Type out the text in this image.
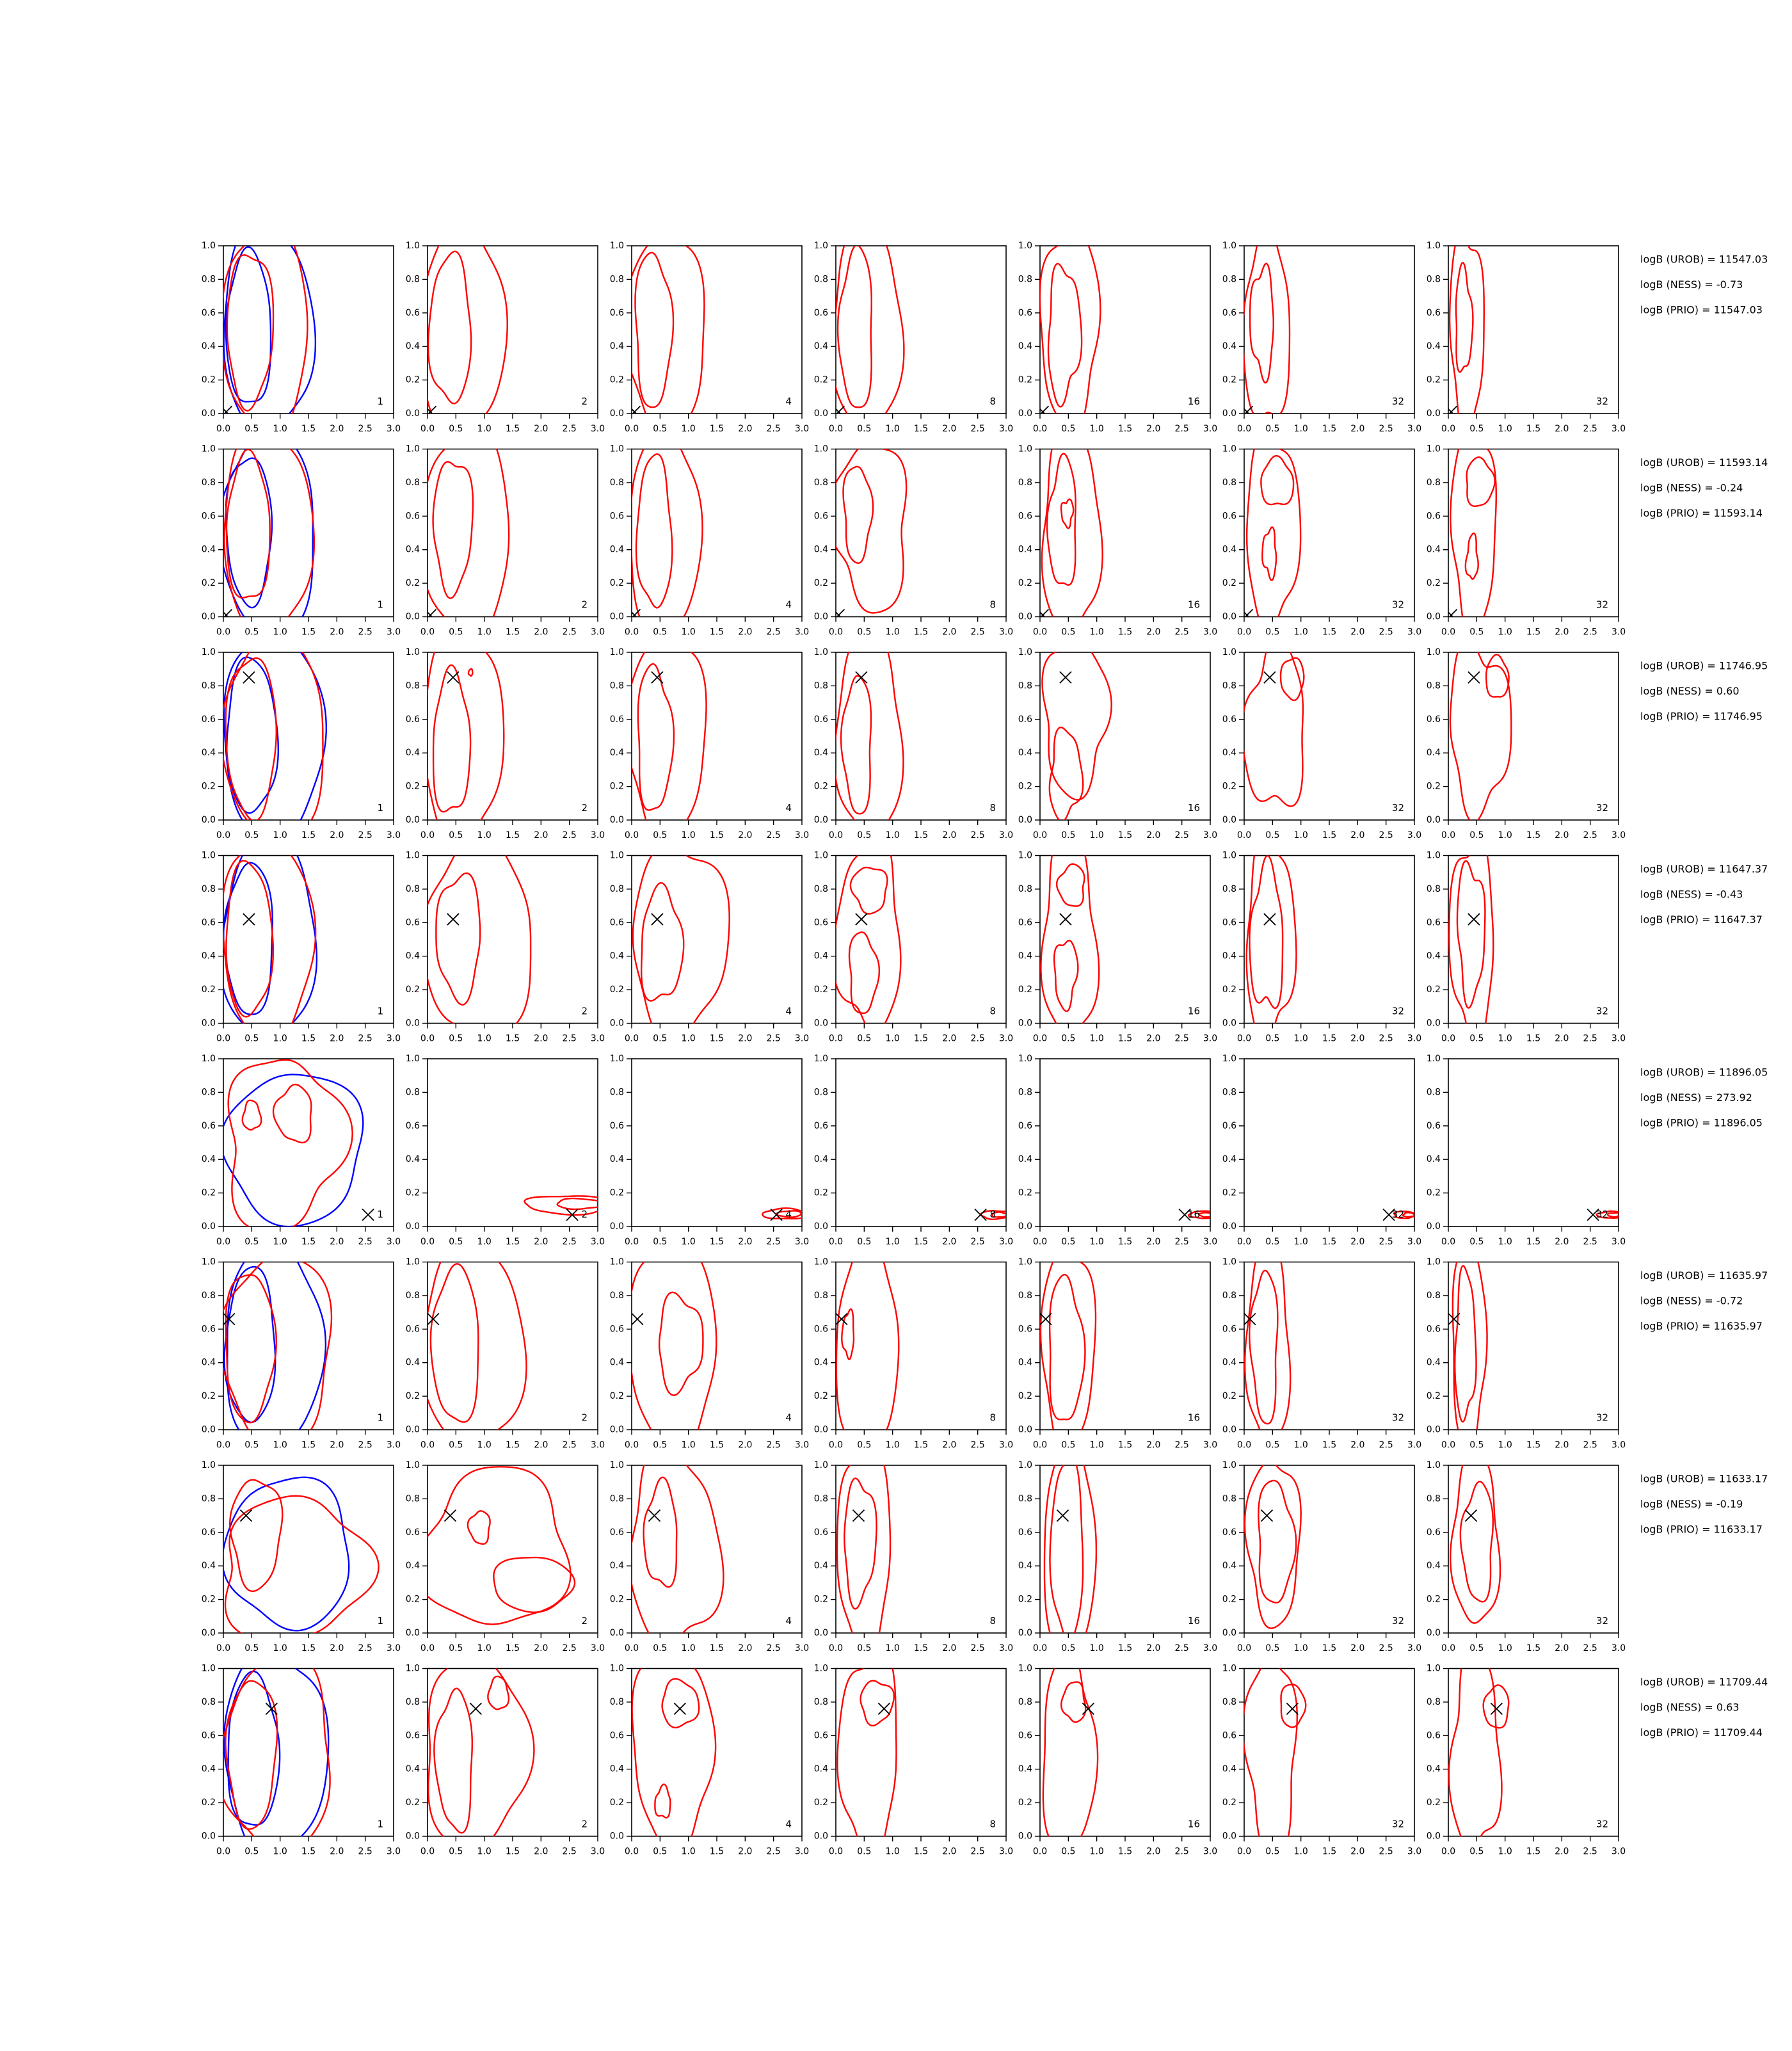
0.0 0.5 1.0 1.5 2.0 2.5 3.0
0.0
0.2
0.4
0.6
0.8
1.0
1
0.0 0.5 1.0 1.5 2.0 2.5 3.0
0.0
0.2
0.4
0.6
0.8
1.0
2
0.0 0.5 1.0 1.5 2.0 2.5 3.0
0.0
0.2
0.4
0.6
0.8
1.0
4
0.0 0.5 1.0 1.5 2.0 2.5 3.0
0.0
0.2
0.4
0.6
0.8
1.0
8
0.0 0.5 1.0 1.5 2.0 2.5 3.0
0.0
0.2
0.4
0.6
0.8
1.0
16
0.0 0.5 1.0 1.5 2.0 2.5 3.0
0.0
0.2
0.4
0.6
0.8
1.0
32
0.0 0.5 1.0 1.5 2.0 2.5 3.0
0.0
0.2
0.4
0.6
0.8
1.0
32
logB (UROB) = 11547.03
logB (NESS) = -0.73
logB (PRIO) = 11547.03
0.0 0.5 1.0 1.5 2.0 2.5 3.0
0.0
0.2
0.4
0.6
0.8
1.0
1
0.0 0.5 1.0 1.5 2.0 2.5 3.0
0.0
0.2
0.4
0.6
0.8
1.0
2
0.0 0.5 1.0 1.5 2.0 2.5 3.0
0.0
0.2
0.4
0.6
0.8
1.0
4
0.0 0.5 1.0 1.5 2.0 2.5 3.0
0.0
0.2
0.4
0.6
0.8
1.0
8
0.0 0.5 1.0 1.5 2.0 2.5 3.0
0.0
0.2
0.4
0.6
0.8
1.0
16
0.0 0.5 1.0 1.5 2.0 2.5 3.0
0.0
0.2
0.4
0.6
0.8
1.0
32
0.0 0.5 1.0 1.5 2.0 2.5 3.0
0.0
0.2
0.4
0.6
0.8
1.0
32
logB (UROB) = 11593.14
logB (NESS) = -0.24
logB (PRIO) = 11593.14
0.0 0.5 1.0 1.5 2.0 2.5 3.0
0.0
0.2
0.4
0.6
0.8
1.0
1
0.0 0.5 1.0 1.5 2.0 2.5 3.0
0.0
0.2
0.4
0.6
0.8
1.0
2
0.0 0.5 1.0 1.5 2.0 2.5 3.0
0.0
0.2
0.4
0.6
0.8
1.0
4
0.0 0.5 1.0 1.5 2.0 2.5 3.0
0.0
0.2
0.4
0.6
0.8
1.0
8
0.0 0.5 1.0 1.5 2.0 2.5 3.0
0.0
0.2
0.4
0.6
0.8
1.0
16
0.0 0.5 1.0 1.5 2.0 2.5 3.0
0.0
0.2
0.4
0.6
0.8
1.0
32
0.0 0.5 1.0 1.5 2.0 2.5 3.0
0.0
0.2
0.4
0.6
0.8
1.0
32
logB (UROB) = 11746.95
logB (NESS) = 0.60
logB (PRIO) = 11746.95
0.0 0.5 1.0 1.5 2.0 2.5 3.0
0.0
0.2
0.4
0.6
0.8
1.0
1
0.0 0.5 1.0 1.5 2.0 2.5 3.0
0.0
0.2
0.4
0.6
0.8
1.0
2
0.0 0.5 1.0 1.5 2.0 2.5 3.0
0.0
0.2
0.4
0.6
0.8
1.0
4
0.0 0.5 1.0 1.5 2.0 2.5 3.0
0.0
0.2
0.4
0.6
0.8
1.0
8
0.0 0.5 1.0 1.5 2.0 2.5 3.0
0.0
0.2
0.4
0.6
0.8
1.0
16
0.0 0.5 1.0 1.5 2.0 2.5 3.0
0.0
0.2
0.4
0.6
0.8
1.0
32
0.0 0.5 1.0 1.5 2.0 2.5 3.0
0.0
0.2
0.4
0.6
0.8
1.0
32
logB (UROB) = 11647.37
logB (NESS) = -0.43
logB (PRIO) = 11647.37
0.0 0.5 1.0 1.5 2.0 2.5 3.0
0.0
0.2
0.4
0.6
0.8
1.0
1
0.0 0.5 1.0 1.5 2.0 2.5 3.0
0.0
0.2
0.4
0.6
0.8
1.0
2
0.0 0.5 1.0 1.5 2.0 2.5 3.0
0.0
0.2
0.4
0.6
0.8
1.0
4
0.0 0.5 1.0 1.5 2.0 2.5 3.0
0.0
0.2
0.4
0.6
0.8
1.0
8
0.0 0.5 1.0 1.5 2.0 2.5 3.0
0.0
0.2
0.4
0.6
0.8
1.0
16
0.0 0.5 1.0 1.5 2.0 2.5 3.0
0.0
0.2
0.4
0.6
0.8
1.0
32
0.0 0.5 1.0 1.5 2.0 2.5 3.0
0.0
0.2
0.4
0.6
0.8
1.0
32
logB (UROB) = 11896.05
logB (NESS) = 273.92
logB (PRIO) = 11896.05
0.0 0.5 1.0 1.5 2.0 2.5 3.0
0.0
0.2
0.4
0.6
0.8
1.0
1
0.0 0.5 1.0 1.5 2.0 2.5 3.0
0.0
0.2
0.4
0.6
0.8
1.0
2
0.0 0.5 1.0 1.5 2.0 2.5 3.0
0.0
0.2
0.4
0.6
0.8
1.0
4
0.0 0.5 1.0 1.5 2.0 2.5 3.0
0.0
0.2
0.4
0.6
0.8
1.0
8
0.0 0.5 1.0 1.5 2.0 2.5 3.0
0.0
0.2
0.4
0.6
0.8
1.0
16
0.0 0.5 1.0 1.5 2.0 2.5 3.0
0.0
0.2
0.4
0.6
0.8
1.0
32
0.0 0.5 1.0 1.5 2.0 2.5 3.0
0.0
0.2
0.4
0.6
0.8
1.0
32
logB (UROB) = 11635.97
logB (NESS) = -0.72
logB (PRIO) = 11635.97
0.0 0.5 1.0 1.5 2.0 2.5 3.0
0.0
0.2
0.4
0.6
0.8
1.0
1
0.0 0.5 1.0 1.5 2.0 2.5 3.0
0.0
0.2
0.4
0.6
0.8
1.0
2
0.0 0.5 1.0 1.5 2.0 2.5 3.0
0.0
0.2
0.4
0.6
0.8
1.0
4
0.0 0.5 1.0 1.5 2.0 2.5 3.0
0.0
0.2
0.4
0.6
0.8
1.0
8
0.0 0.5 1.0 1.5 2.0 2.5 3.0
0.0
0.2
0.4
0.6
0.8
1.0
16
0.0 0.5 1.0 1.5 2.0 2.5 3.0
0.0
0.2
0.4
0.6
0.8
1.0
32
0.0 0.5 1.0 1.5 2.0 2.5 3.0
0.0
0.2
0.4
0.6
0.8
1.0
32
logB (UROB) = 11633.17
logB (NESS) = -0.19
logB (PRIO) = 11633.17
0.0 0.5 1.0 1.5 2.0 2.5 3.0
0.0
0.2
0.4
0.6
0.8
1.0
1
0.0 0.5 1.0 1.5 2.0 2.5 3.0
0.0
0.2
0.4
0.6
0.8
1.0
2
0.0 0.5 1.0 1.5 2.0 2.5 3.0
0.0
0.2
0.4
0.6
0.8
1.0
4
0.0 0.5 1.0 1.5 2.0 2.5 3.0
0.0
0.2
0.4
0.6
0.8
1.0
8
0.0 0.5 1.0 1.5 2.0 2.5 3.0
0.0
0.2
0.4
0.6
0.8
1.0
16
0.0 0.5 1.0 1.5 2.0 2.5 3.0
0.0
0.2
0.4
0.6
0.8
1.0
32
0.0 0.5 1.0 1.5 2.0 2.5 3.0
0.0
0.2
0.4
0.6
0.8
1.0
32
logB (UROB) = 11709.44
logB (NESS) = 0.63
logB (PRIO) = 11709.44
